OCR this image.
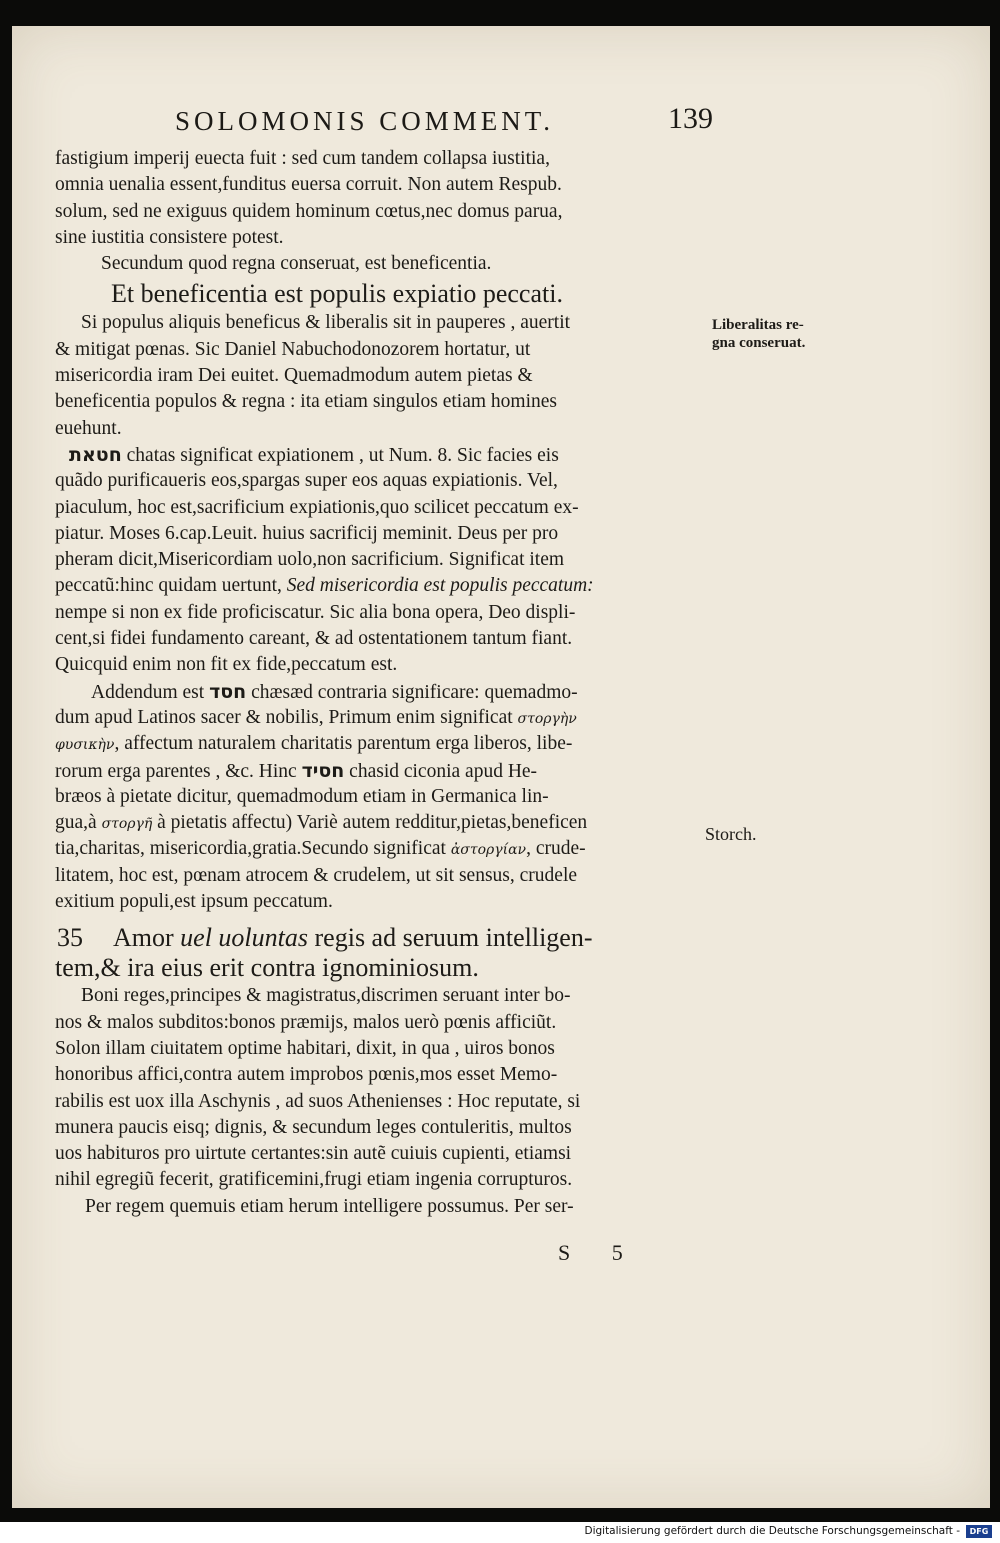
SOLOMONIS COMMENT.	139
fastigium imperij euecta fuit : sed cum tandem collapsa iustitia,
omnia uenalia essent,funditus euersa corruit. Non autem Respub.
solum, sed ne exiguus quidem hominum cœtus,nec domus parua,
sine iustitia consistere potest.
Secundum quod regna conseruat, est beneficentia.
Et beneficentia est populis expiatio peccati.
Si populus aliquis beneficus & liberalis sit in pauperes , auertit
& mitigat pœnas. Sic Daniel Nabuchodonozorem hortatur, ut
misericordia iram Dei euitet. Quemadmodum autem pietas &
beneficentia populos & regna : ita etiam singulos etiam homines
euehunt.
חטאת chatas significat expiationem , ut Num. 8. Sic facies eis
quãdo purificaueris eos,spargas super eos aquas expiationis. Vel,
piaculum, hoc est,sacrificium expiationis,quo scilicet peccatum ex-
piatur. Moses 6.cap.Leuit. huius sacrificij meminit. Deus per pro
pheram dicit,Misericordiam uolo,non sacrificium. Significat item
peccatũ:hinc quidam uertunt, Sed misericordia est populis peccatum:
nempe si non ex fide proficiscatur. Sic alia bona opera, Deo displi-
cent,si fidei fundamento careant, & ad ostentationem tantum fiant.
Quicquid enim non fit ex fide,peccatum est.
Addendum est חסד chæsæd contraria significare: quemadmo-
dum apud Latinos sacer & nobilis, Primum enim significat στοργὴν
φυσικὴν, affectum naturalem charitatis parentum erga liberos, libe-
rorum erga parentes , &c. Hinc חסיד chasid ciconia apud He-
bræos à pietate dicitur, quemadmodum etiam in Germanica lin-
gua,à στοργῆ à pietatis affectu) Variè autem redditur,pietas,beneficen
tia,charitas, misericordia,gratia.Secundo significat ἀστοργίαν, crude-
litatem, hoc est, pœnam atrocem & crudelem, ut sit sensus, crudele
exitium populi,est ipsum peccatum.
35 Amor uel uoluntas regis ad seruum intelligen-
tem,& ira eius erit contra ignominiosum.
Boni reges,principes & magistratus,discrimen seruant inter bo-
nos & malos subditos:bonos præmijs, malos uerò pœnis afficiũt.
Solon illam ciuitatem optime habitari, dixit, in qua , uiros bonos
honoribus affici,contra autem improbos pœnis,mos esset Memo-
rabilis est uox illa Aschynis , ad suos Athenienses : Hoc reputate, si
munera paucis eisq; dignis, & secundum leges contuleritis, multos
uos habituros pro uirtute certantes:sin autẽ cuiuis cupienti, etiamsi
nihil egregiũ fecerit, gratificemini,frugi etiam ingenia corrupturos.
Per regem quemuis etiam herum intelligere possumus. Per ser-
Liberalitas re-
gna conseruat.
Storch.
S 5
Digitalisierung gefördert durch die Deutsche Forschungsgemeinschaft -	DFG
